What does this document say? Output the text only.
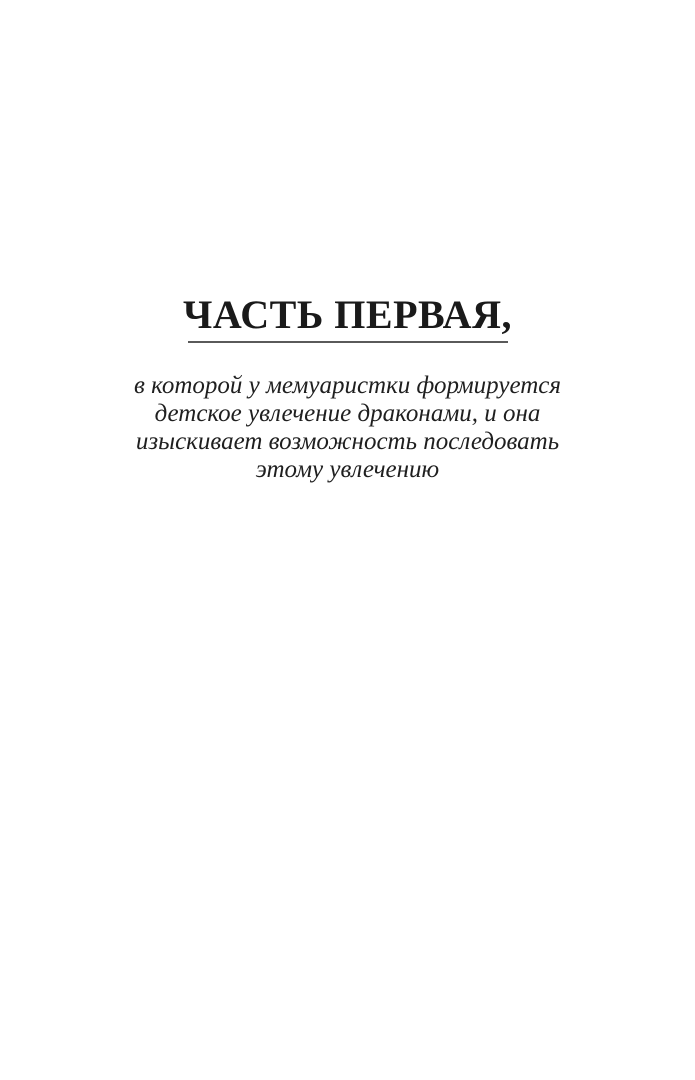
ЧАСТЬ ПЕРВАЯ,
в которой у мемуаристки формируется
детское увлечение драконами, и она
изыскивает возможность последовать
этому увлечению
